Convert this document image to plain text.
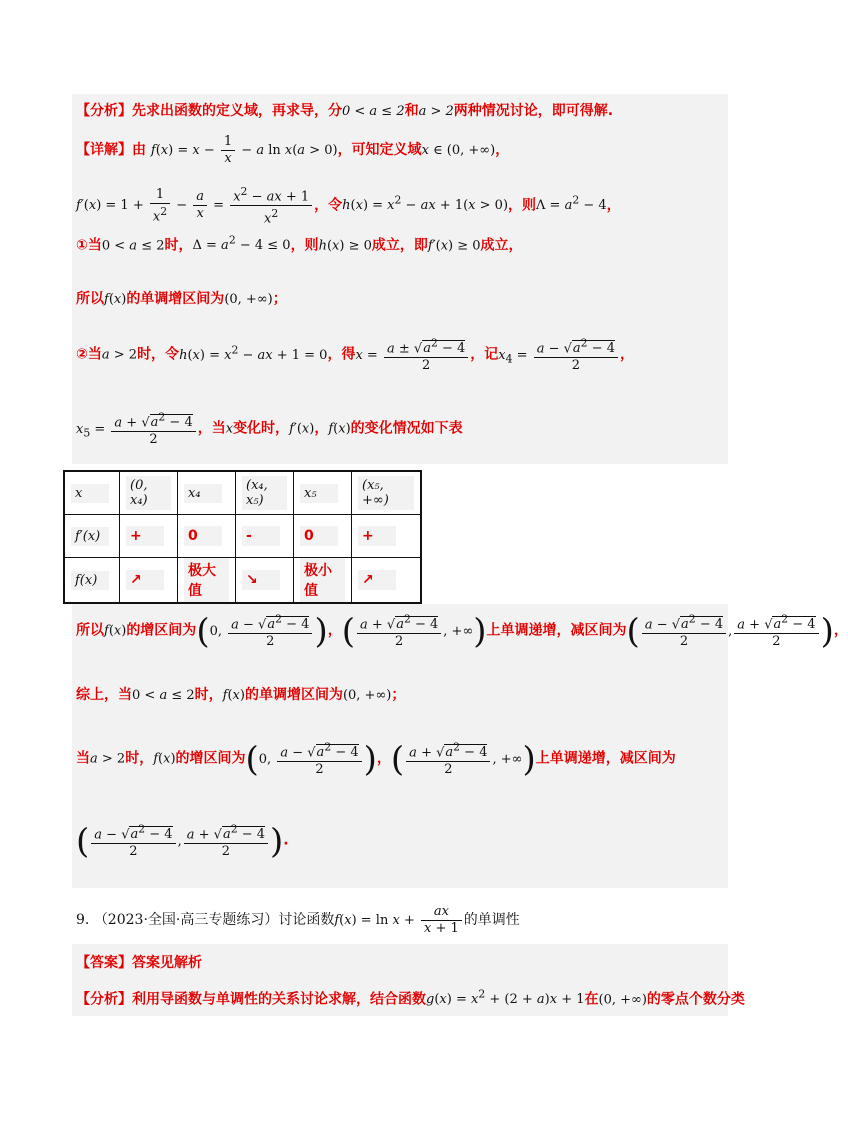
【分析】先求出函数的定义域，再求导，分0 < a ≤ 2和a > 2两种情况讨论，即可得解.
【详解】由 $f(x) = x - \frac{1}{x} - a$ ln x(a > 0)，可知定义域x ∈ (0, +∞)，
$f'(x) = 1 + \frac{1}{x^2} - \frac{a}{x} = \frac{x^2 - ax + 1}{x^2}$ ，令$h(x) = x^2$ − ax + 1(x > 0)，则$\Lambda = a^2 - 4$，
①当0 < a ≤ 2时，$\Delta = a^2 - 4 \le 0$，则h(x) ≥ 0成立，即f′(x) ≥ 0成立，
所以f(x)的单调增区间为(0, +∞)；
②当a > 2时，令$h(x) = x^2$ − ax + 1 = 0，得$x = \frac{a \pm √a^2 - 4}{2}$ ，记$x_4 = \frac{a - √a^2 - 4}{2}$ ，
$x_5 = \frac{a + √a^2 - 4}{2}$ ，当x变化时，f′(x)，f(x)的变化情况如下表
x	(0, x₄)	x₄	(x₄, x₅)	x₅	(x₅, +∞)
f′(x)	+	0	-	0	+
f(x)	↗	极大值	↘	极小值	↗
所以f(x)的增区间为(0, $\frac{a - √a^2 - 4}{2}$ )，( $\frac{a + √a^2 - 4}{2}$ , +∞)上单调递增，减区间为( $\frac{a - √a^2 - 4}{2}$ , $\frac{a + √a^2 - 4}{2}$ )，
综上，当0 < a ≤ 2时，f(x)的单调增区间为(0, +∞)；
当a > 2时，f(x)的增区间为(0, $\frac{a - √a^2 - 4}{2}$ )，( $\frac{a + √a^2 - 4}{2}$ , +∞)上单调递增，减区间为
( $\frac{a - √a^2 - 4}{2}$ , $\frac{a + √a^2 - 4}{2}$ ).
9. （2023·全国·高三专题练习）讨论函数$f(x) = \ln x + \frac{ax}{x + 1}$ 的单调性
【答案】答案见解析
【分析】利用导函数与单调性的关系讨论求解，结合函数$g(x) = x^2 + (2 + a)x + 1$在(0, +∞)的零点个数分类
